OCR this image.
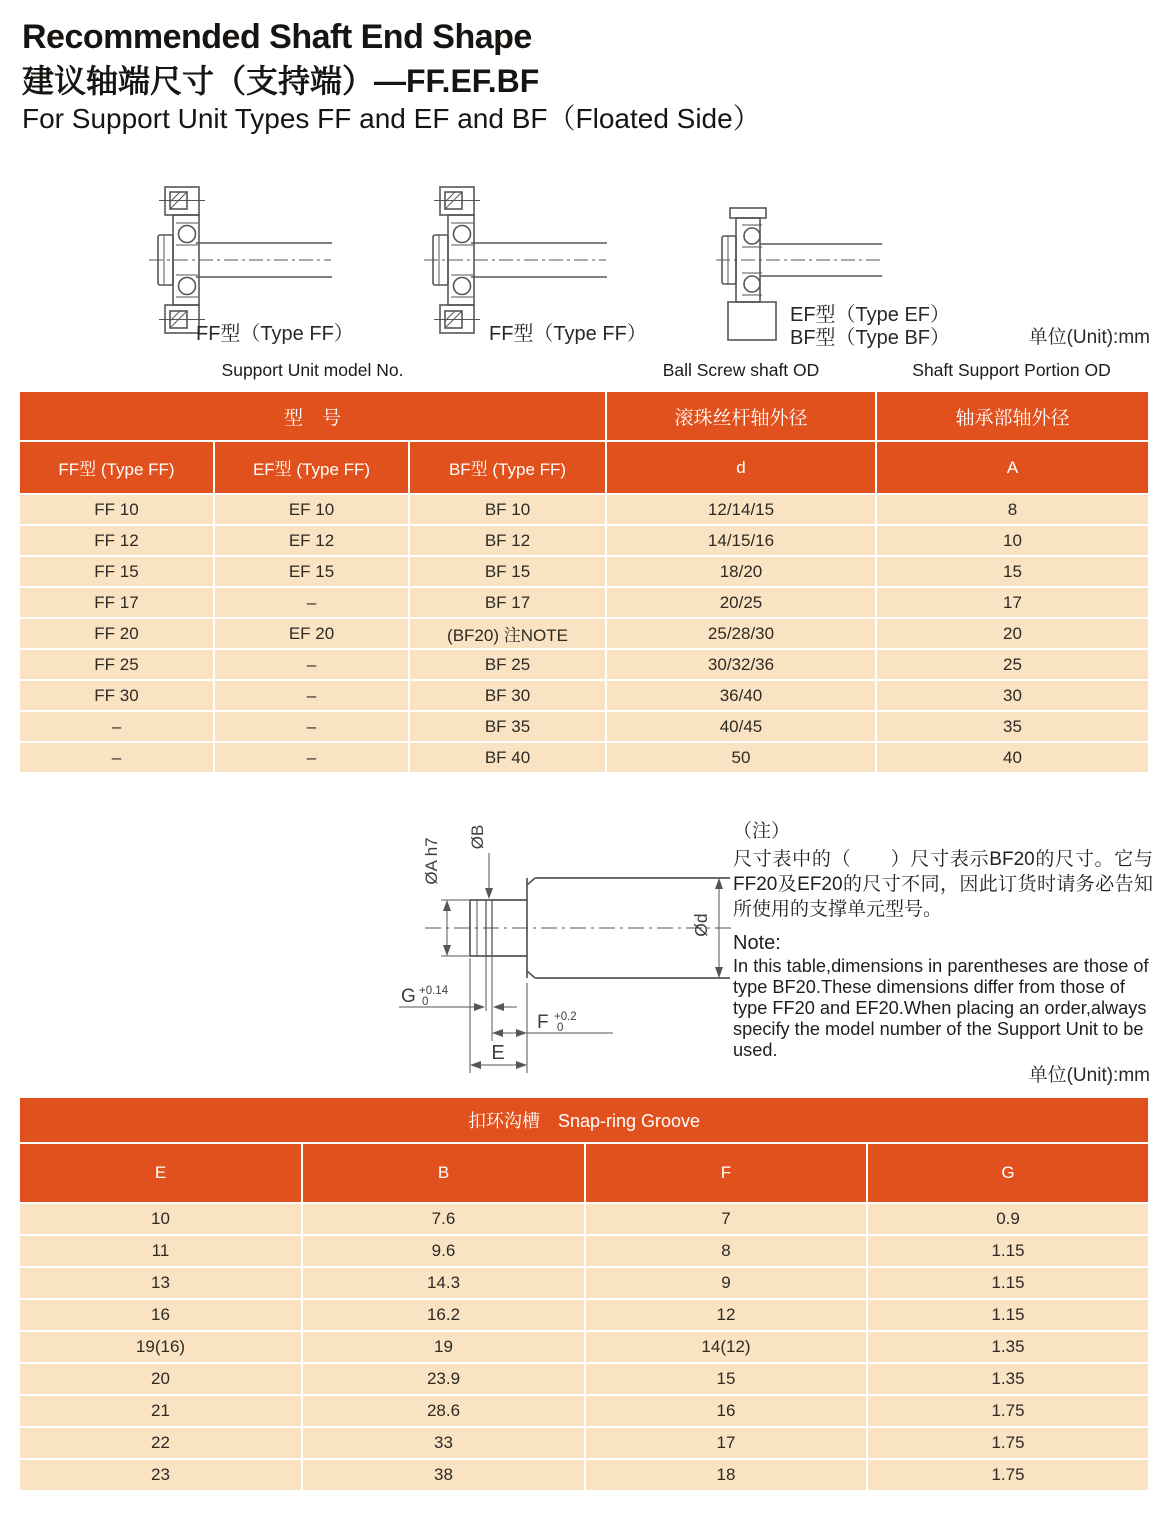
Recommended Shaft End Shape
建议轴端尺寸（支持端）—FF.EF.BF
For Support Unit Types FF and EF and BF（Floated Side）
FF型（Type FF）	FF型（Type FF）
EF型（Type EF）
BF型（Type BF）	单位(Unit):mm
Support Unit model No.	Ball Screw shaft OD	Shaft Support Portion OD
型　号			滚珠丝杆轴外径	轴承部轴外径
FF型 (Type FF)	EF型 (Type FF)	BF型 (Type FF)	d	A
FF 10	EF 10	BF 10	12/14/15	8
FF 12	EF 12	BF 12	14/15/16	10
FF 15	EF 15	BF 15	18/20	15
FF 17	–	BF 17	20/25	17
FF 20	EF 20	(BF20) 注NOTE	25/28/30	20
FF 25	–	BF 25	30/32/36	25
FF 30	–	BF 30	36/40	30
–	–	BF 35	40/45	35
–	–	BF 40	50	40
ØA h7
ØB
Ød
G +0.14
0
F +0.2
0
E

（注）

尺寸表中的（　　）尺寸表示BF20的尺寸。它与FF20及EF20的尺寸不同，因此订货时请务必告知所使用的支撑单元型号。

Note:

In this table,dimensions in parentheses are those of type BF20.These dimensions differ from those of type FF20 and EF20.When placing an order,always specify the model number of the Support Unit to be used.

单位(Unit):mm
扣环沟槽　Snap-ring Groove			
E	B	F	G
10	7.6	7	0.9
11	9.6	8	1.15
13	14.3	9	1.15
16	16.2	12	1.15
19(16)	19	14(12)	1.35
20	23.9	15	1.35
21	28.6	16	1.75
22	33	17	1.75
23	38	18	1.75
